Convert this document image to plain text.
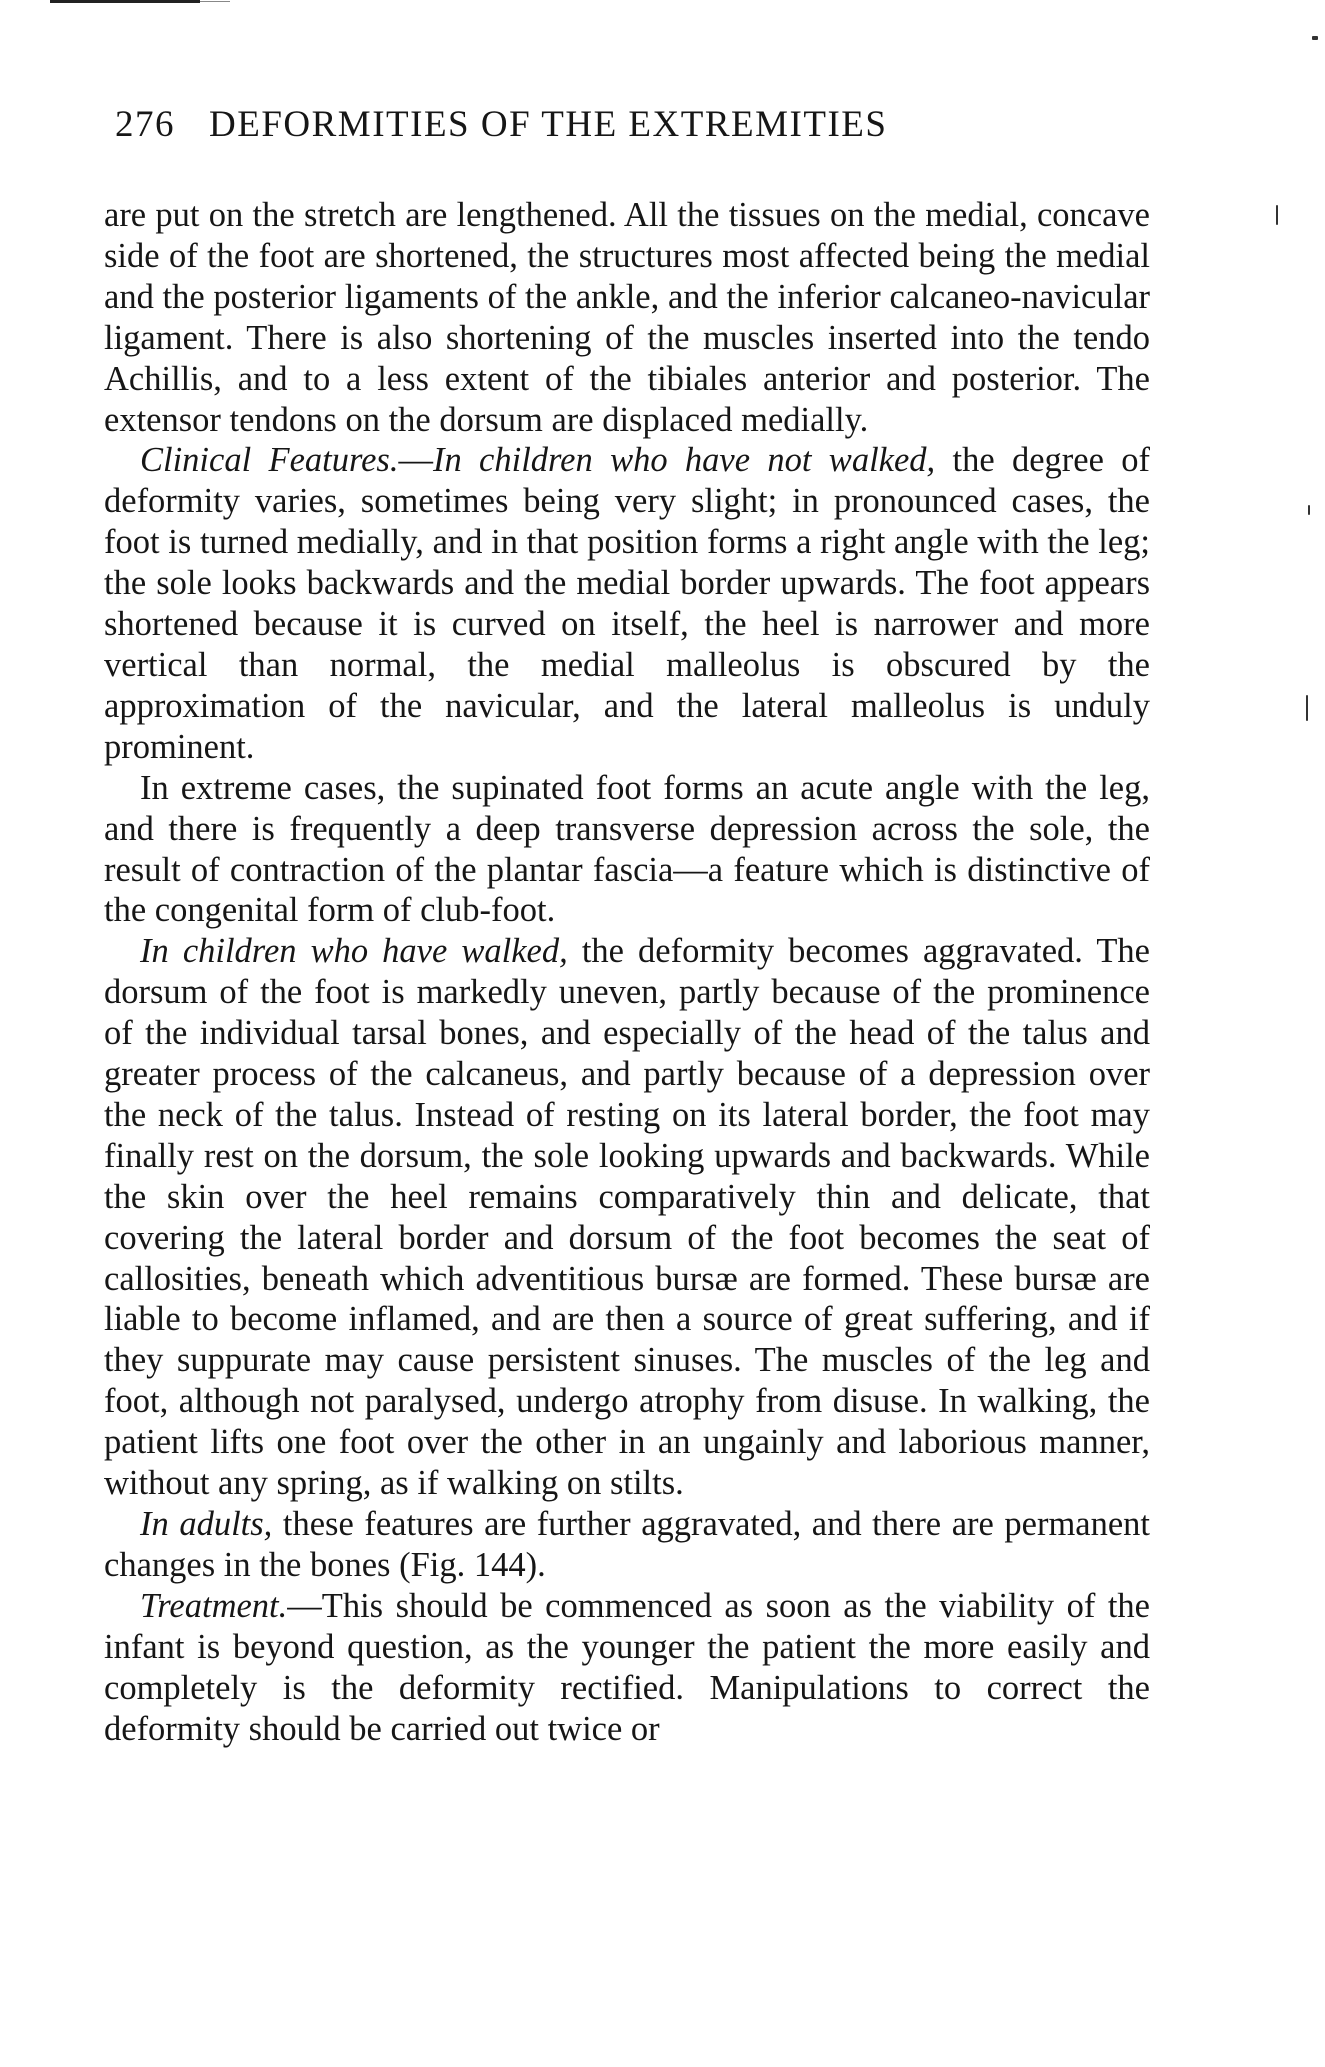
276 DEFORMITIES OF THE EXTREMITIES

are put on the stretch are lengthened. All the tissues on the medial, concave side of the foot are shortened, the structures most affected being the medial and the posterior ligaments of the ankle, and the inferior calcaneo-navicular ligament. There is also shortening of the muscles inserted into the tendo Achillis, and to a less extent of the tibiales anterior and posterior. The extensor tendons on the dorsum are displaced medially.

Clinical Features.—In children who have not walked, the degree of deformity varies, sometimes being very slight; in pronounced cases, the foot is turned medially, and in that position forms a right angle with the leg; the sole looks backwards and the medial border upwards. The foot appears shortened because it is curved on itself, the heel is narrower and more vertical than normal, the medial malleolus is obscured by the approximation of the navicular, and the lateral malleolus is unduly prominent.

In extreme cases, the supinated foot forms an acute angle with the leg, and there is frequently a deep transverse depression across the sole, the result of contraction of the plantar fascia—a feature which is distinctive of the congenital form of club-foot.

In children who have walked, the deformity becomes aggravated. The dorsum of the foot is markedly uneven, partly because of the prominence of the individual tarsal bones, and especially of the head of the talus and greater process of the calcaneus, and partly because of a depression over the neck of the talus. Instead of resting on its lateral border, the foot may finally rest on the dorsum, the sole looking upwards and backwards. While the skin over the heel remains comparatively thin and delicate, that covering the lateral border and dorsum of the foot becomes the seat of callosities, beneath which adventitious bursæ are formed. These bursæ are liable to become inflamed, and are then a source of great suffering, and if they suppurate may cause persistent sinuses. The muscles of the leg and foot, although not paralysed, undergo atrophy from disuse. In walking, the patient lifts one foot over the other in an ungainly and laborious manner, without any spring, as if walking on stilts.

In adults, these features are further aggravated, and there are permanent changes in the bones (Fig. 144).

Treatment.—This should be commenced as soon as the viability of the infant is beyond question, as the younger the patient the more easily and completely is the deformity rectified. Manipulations to correct the deformity should be carried out twice or
